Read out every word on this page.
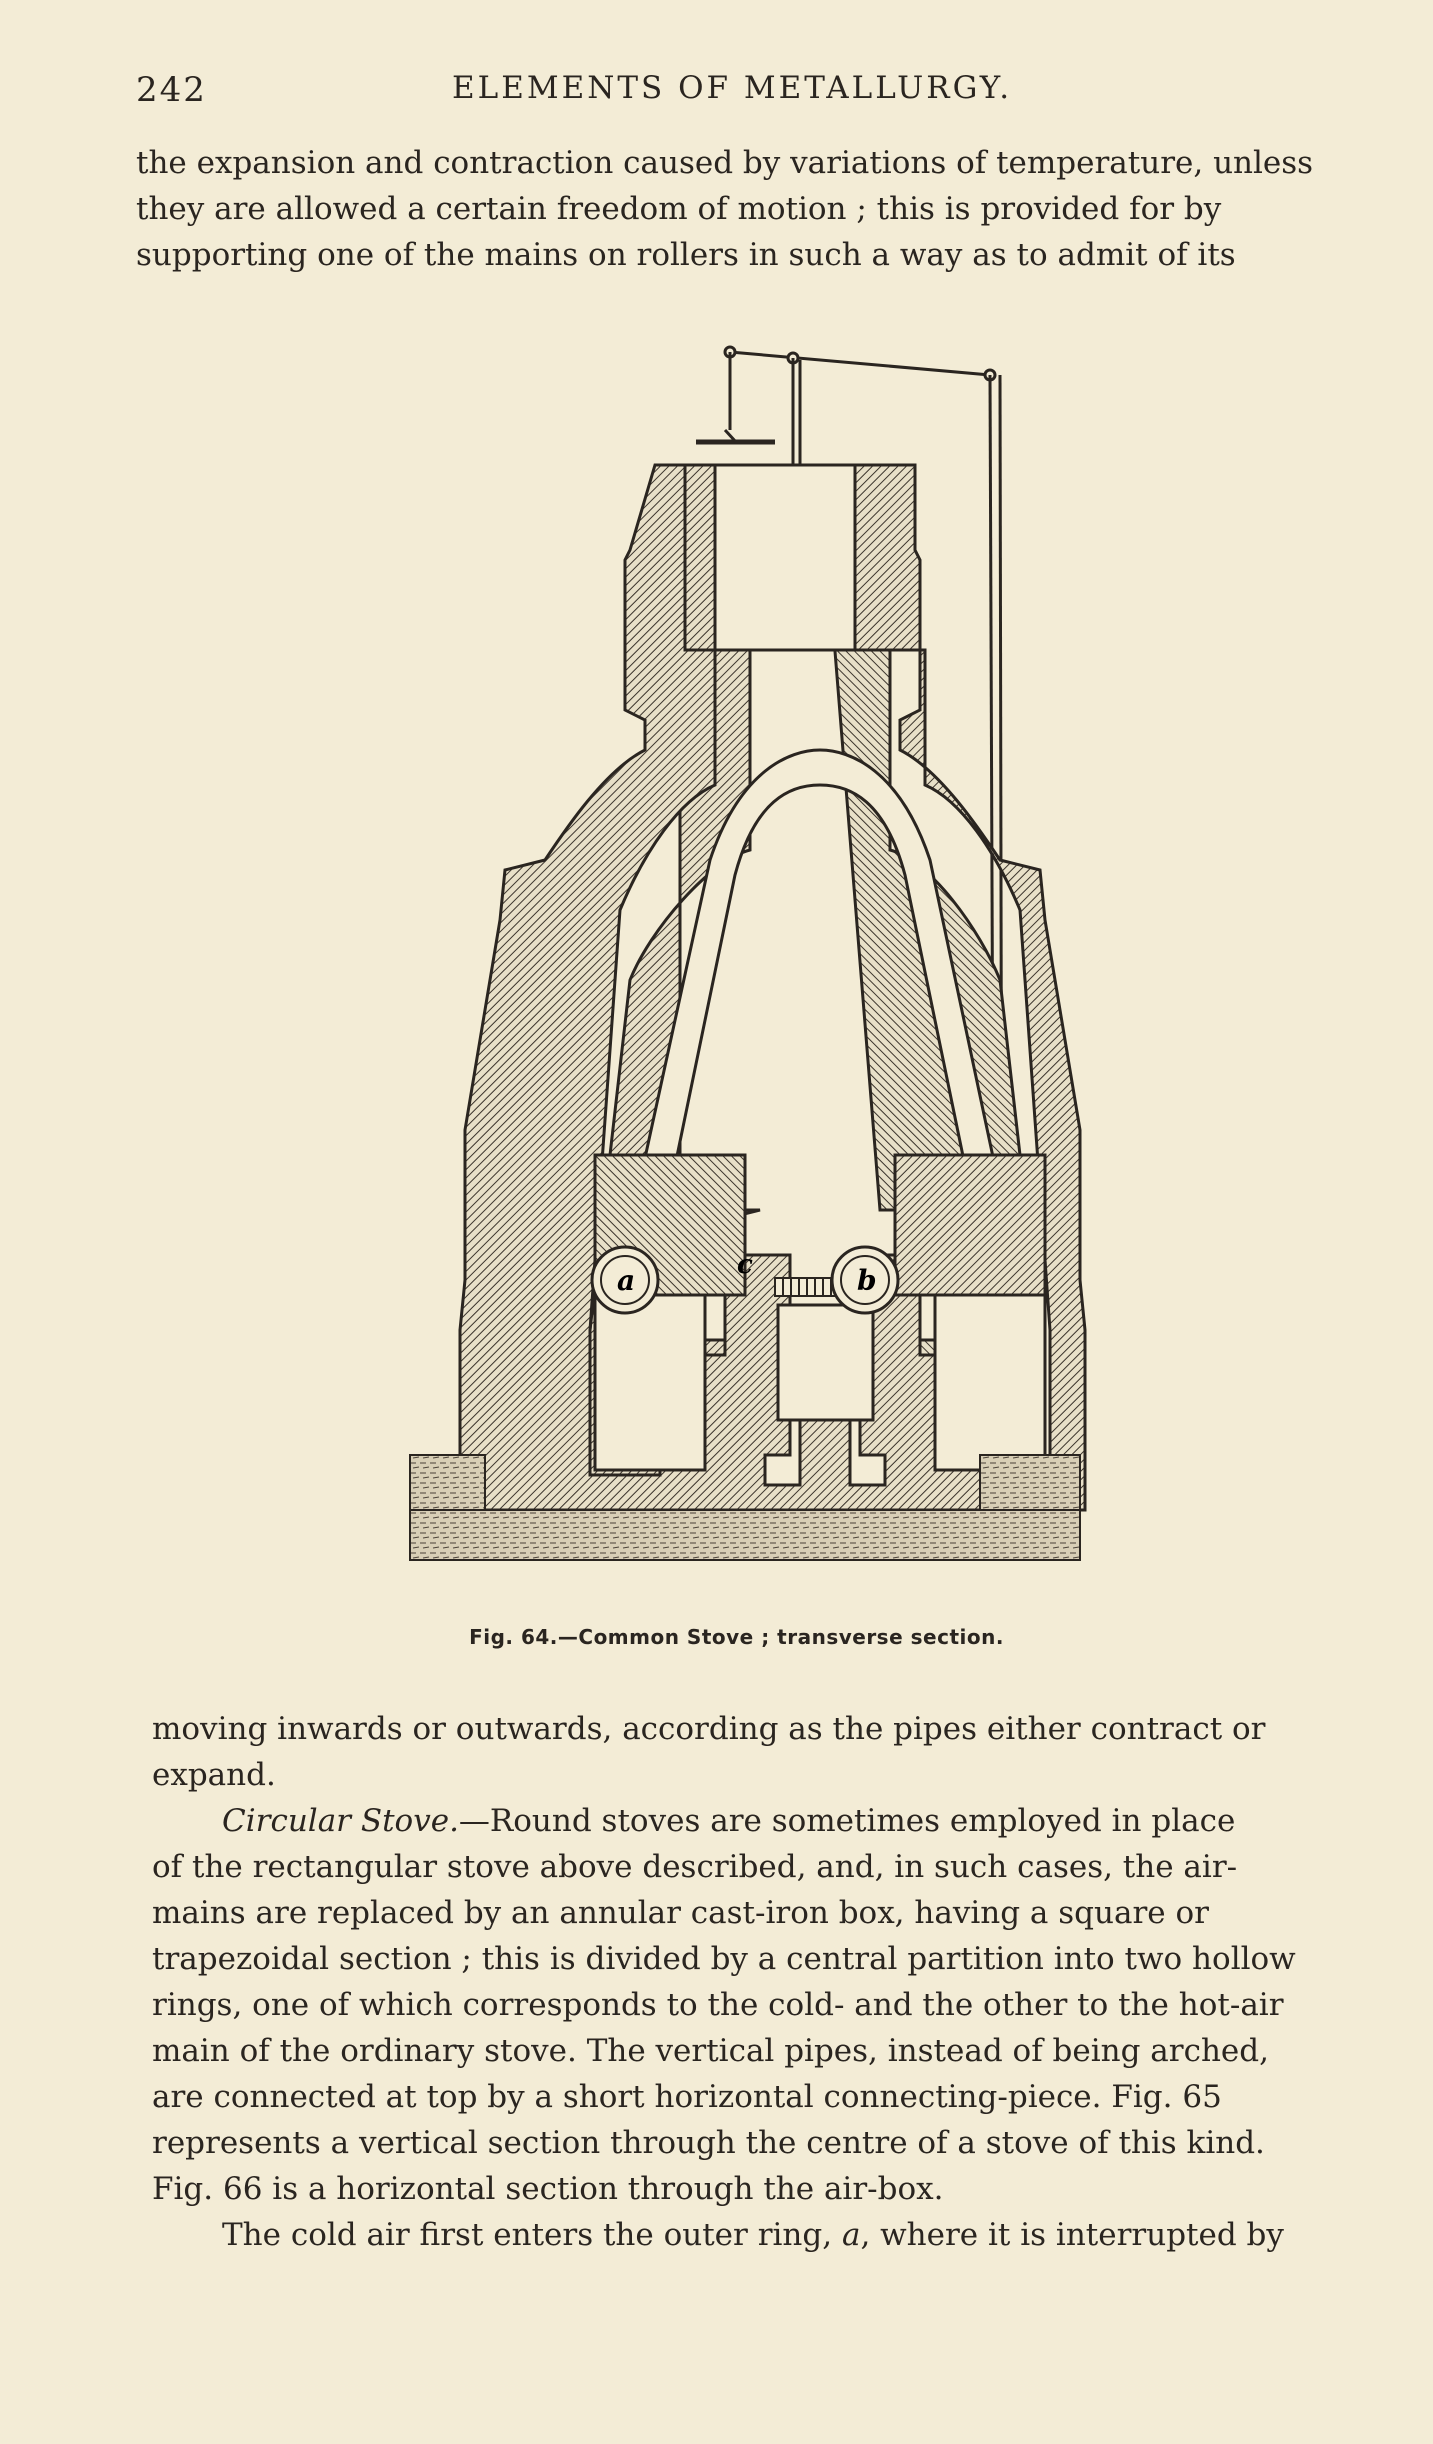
242	ELEMENTS OF METALLURGY.
the expansion and contraction caused by variations of temperature, unless
they are allowed a certain freedom of motion ; this is provided for by
supporting one of the mains on rollers in such a way as to admit of its
a	b
c
Fig. 64.—Common Stove ; transverse section.
moving inwards or outwards, according as the pipes either contract or
expand.
Circular Stove.—Round stoves are sometimes employed in place
of the rectangular stove above described, and, in such cases, the air-
mains are replaced by an annular cast-iron box, having a square or
trapezoidal section ; this is divided by a central partition into two hollow
rings, one of which corresponds to the cold- and the other to the hot-air
main of the ordinary stove. The vertical pipes, instead of being arched,
are connected at top by a short horizontal connecting-piece. Fig. 65
represents a vertical section through the centre of a stove of this kind.
Fig. 66 is a horizontal section through the air-box.
The cold air first enters the outer ring, a, where it is interrupted by
